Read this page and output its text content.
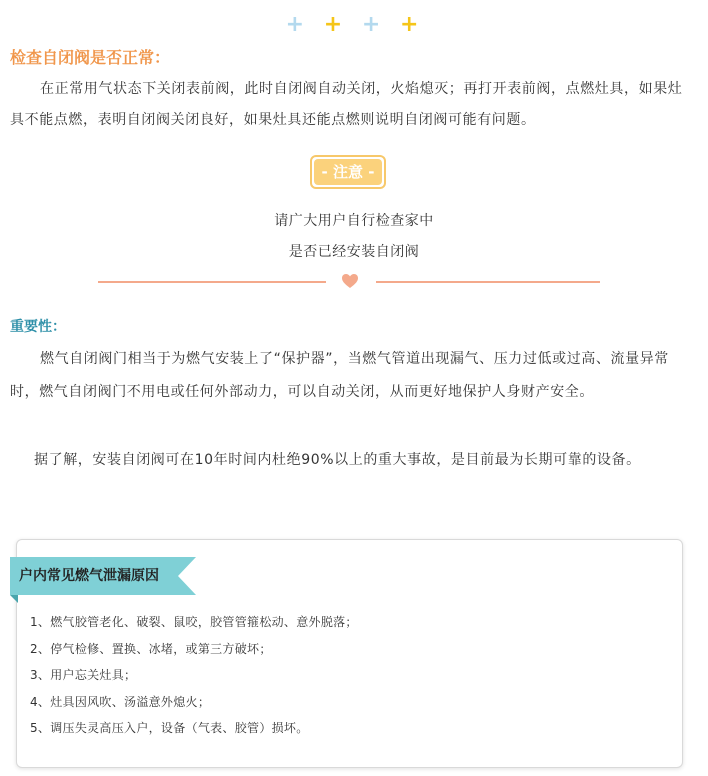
+ + + +
检查自闭阀是否正常：
在正常用气状态下关闭表前阀，此时自闭阀自动关闭，火焰熄灭；再打开表前阀，点燃灶具，如果灶具不能点燃，表明自闭阀关闭良好，如果灶具还能点燃则说明自闭阀可能有问题。
- 注意 -
请广大用户自行检查家中
是否已经安装自闭阀
重要性：
燃气自闭阀门相当于为燃气安装上了“保护器”，当燃气管道出现漏气、压力过低或过高、流量异常时，燃气自闭阀门不用电或任何外部动力，可以自动关闭，从而更好地保护人身财产安全。
据了解，安装自闭阀可在10年时间内杜绝90%以上的重大事故，是目前最为长期可靠的设备。
户内常见燃气泄漏原因
1、燃气胶管老化、破裂、鼠咬，胶管管箍松动、意外脱落；
2、停气检修、置换、冰堵，或第三方破坏；
3、用户忘关灶具；
4、灶具因风吹、汤溢意外熄火；
5、调压失灵高压入户，设备（气表、胶管）损坏。
